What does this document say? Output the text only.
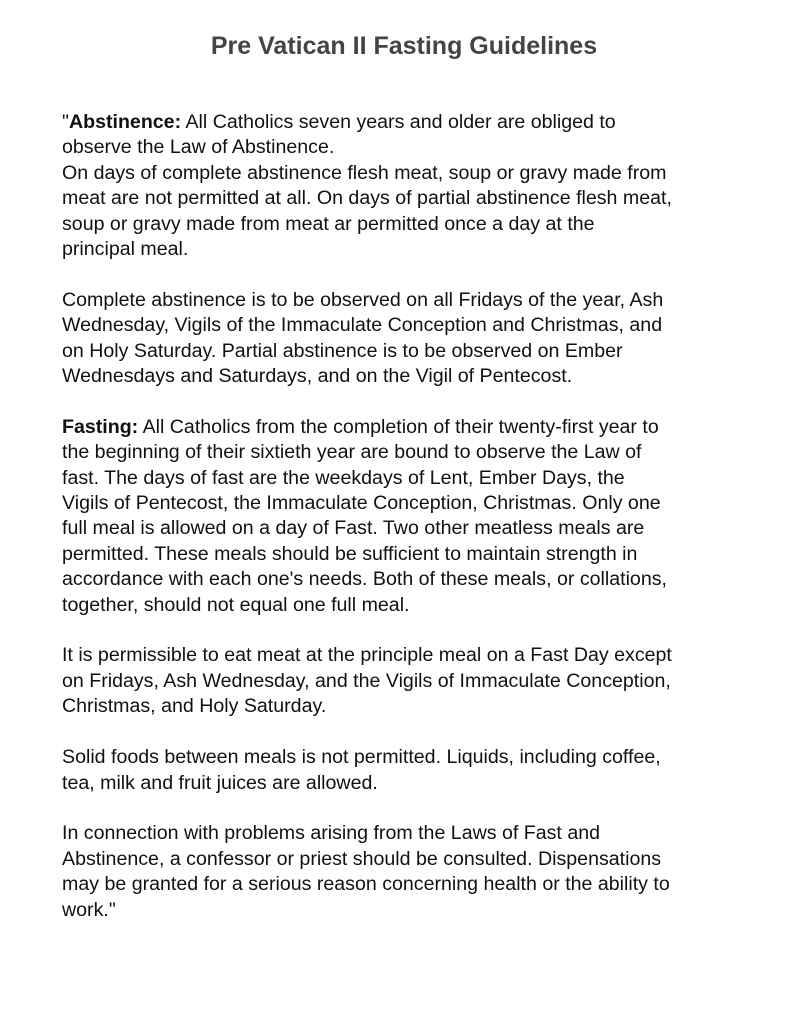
Pre Vatican II Fasting Guidelines

"Abstinence: All Catholics seven years and older are obliged to
observe the Law of Abstinence.
On days of complete abstinence flesh meat, soup or gravy made from
meat are not permitted at all. On days of partial abstinence flesh meat,
soup or gravy made from meat ar permitted once a day at the
principal meal.

Complete abstinence is to be observed on all Fridays of the year, Ash
Wednesday, Vigils of the Immaculate Conception and Christmas, and
on Holy Saturday. Partial abstinence is to be observed on Ember
Wednesdays and Saturdays, and on the Vigil of Pentecost.

Fasting: All Catholics from the completion of their twenty-first year to
the beginning of their sixtieth year are bound to observe the Law of
fast. The days of fast are the weekdays of Lent, Ember Days, the
Vigils of Pentecost, the Immaculate Conception, Christmas. Only one
full meal is allowed on a day of Fast. Two other meatless meals are
permitted. These meals should be sufficient to maintain strength in
accordance with each one's needs. Both of these meals, or collations,
together, should not equal one full meal.

It is permissible to eat meat at the principle meal on a Fast Day except
on Fridays, Ash Wednesday, and the Vigils of Immaculate Conception,
Christmas, and Holy Saturday.

Solid foods between meals is not permitted. Liquids, including coffee,
tea, milk and fruit juices are allowed.

In connection with problems arising from the Laws of Fast and
Abstinence, a confessor or priest should be consulted. Dispensations
may be granted for a serious reason concerning health or the ability to
work."
